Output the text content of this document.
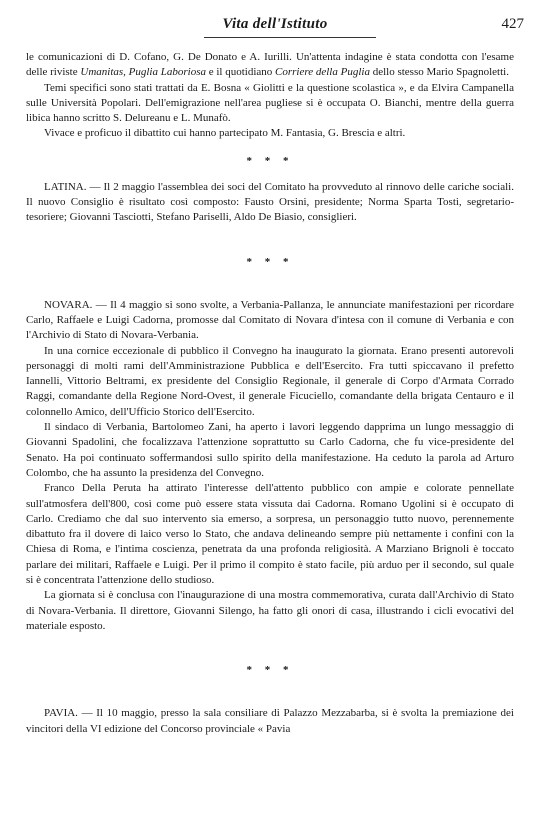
Vita dell'Istituto	427

le comunicazioni di D. Cofano, G. De Donato e A. Iurilli. Un'attenta indagine è stata condotta con l'esame delle riviste Umanitas, Puglia Laboriosa e il quotidiano Corriere della Puglia dello stesso Mario Spagnoletti.

Temi specifici sono stati trattati da E. Bosna « Giolitti e la questione scolastica », e da Elvira Campanella sulle Università Popolari. Dell'emigrazione nell'area pugliese si è occupata O. Bianchi, mentre della guerra libica hanno scritto S. Delureanu e L. Munafò.

Vivace e proficuo il dibattito cui hanno partecipato M. Fantasia, G. Brescia e altri.

* * *

LATINA. — Il 2 maggio l'assemblea dei soci del Comitato ha provveduto al rinnovo delle cariche sociali. Il nuovo Consiglio è risultato così composto: Fausto Orsini, presidente; Norma Sparta Tosti, segretario-tesoriere; Giovanni Tasciotti, Stefano Pariselli, Aldo De Biasio, consiglieri.

* * *

NOVARA. — Il 4 maggio si sono svolte, a Verbania-Pallanza, le annunciate manifestazioni per ricordare Carlo, Raffaele e Luigi Cadorna, promosse dal Comitato di Novara d'intesa con il comune di Verbania e con l'Archivio di Stato di Novara-Verbania.

In una cornice eccezionale di pubblico il Convegno ha inaugurato la giornata. Erano presenti autorevoli personaggi di molti rami dell'Amministrazione Pubblica e dell'Esercito. Fra tutti spiccavano il prefetto Iannelli, Vittorio Beltrami, ex presidente del Consiglio Regionale, il generale di Corpo d'Armata Corrado Raggi, comandante della Regione Nord-Ovest, il generale Ficuciello, comandante della brigata Centauro e il colonnello Amico, dell'Ufficio Storico dell'Esercito.

Il sindaco di Verbania, Bartolomeo Zani, ha aperto i lavori leggendo dapprima un lungo messaggio di Giovanni Spadolini, che focalizzava l'attenzione soprattutto su Carlo Cadorna, che fu vice-presidente del Senato. Ha poi continuato soffermandosi sullo spirito della manifestazione. Ha ceduto la parola ad Arturo Colombo, che ha assunto la presidenza del Convegno.

Franco Della Peruta ha attirato l'interesse dell'attento pubblico con ampie e colorate pennellate sull'atmosfera dell'800, così come può essere stata vissuta dai Cadorna. Romano Ugolini si è occupato di Carlo. Crediamo che dal suo intervento sia emerso, a sorpresa, un personaggio tutto nuovo, perennemente dibattuto fra il dovere di laico verso lo Stato, che andava delineando sempre più nettamente i confini con la Chiesa di Roma, e l'intima coscienza, penetrata da una profonda religiosità. A Marziano Brignoli è toccato parlare dei militari, Raffaele e Luigi. Per il primo il compito è stato facile, più arduo per il secondo, sul quale si è concentrata l'attenzione dello studioso.

La giornata si è conclusa con l'inaugurazione di una mostra commemorativa, curata dall'Archivio di Stato di Novara-Verbania. Il direttore, Giovanni Silengo, ha fatto gli onori di casa, illustrando i cicli evocativi del materiale esposto.

* * *

PAVIA. — Il 10 maggio, presso la sala consiliare di Palazzo Mezzabarba, si è svolta la premiazione dei vincitori della VI edizione del Concorso provinciale « Pavia
